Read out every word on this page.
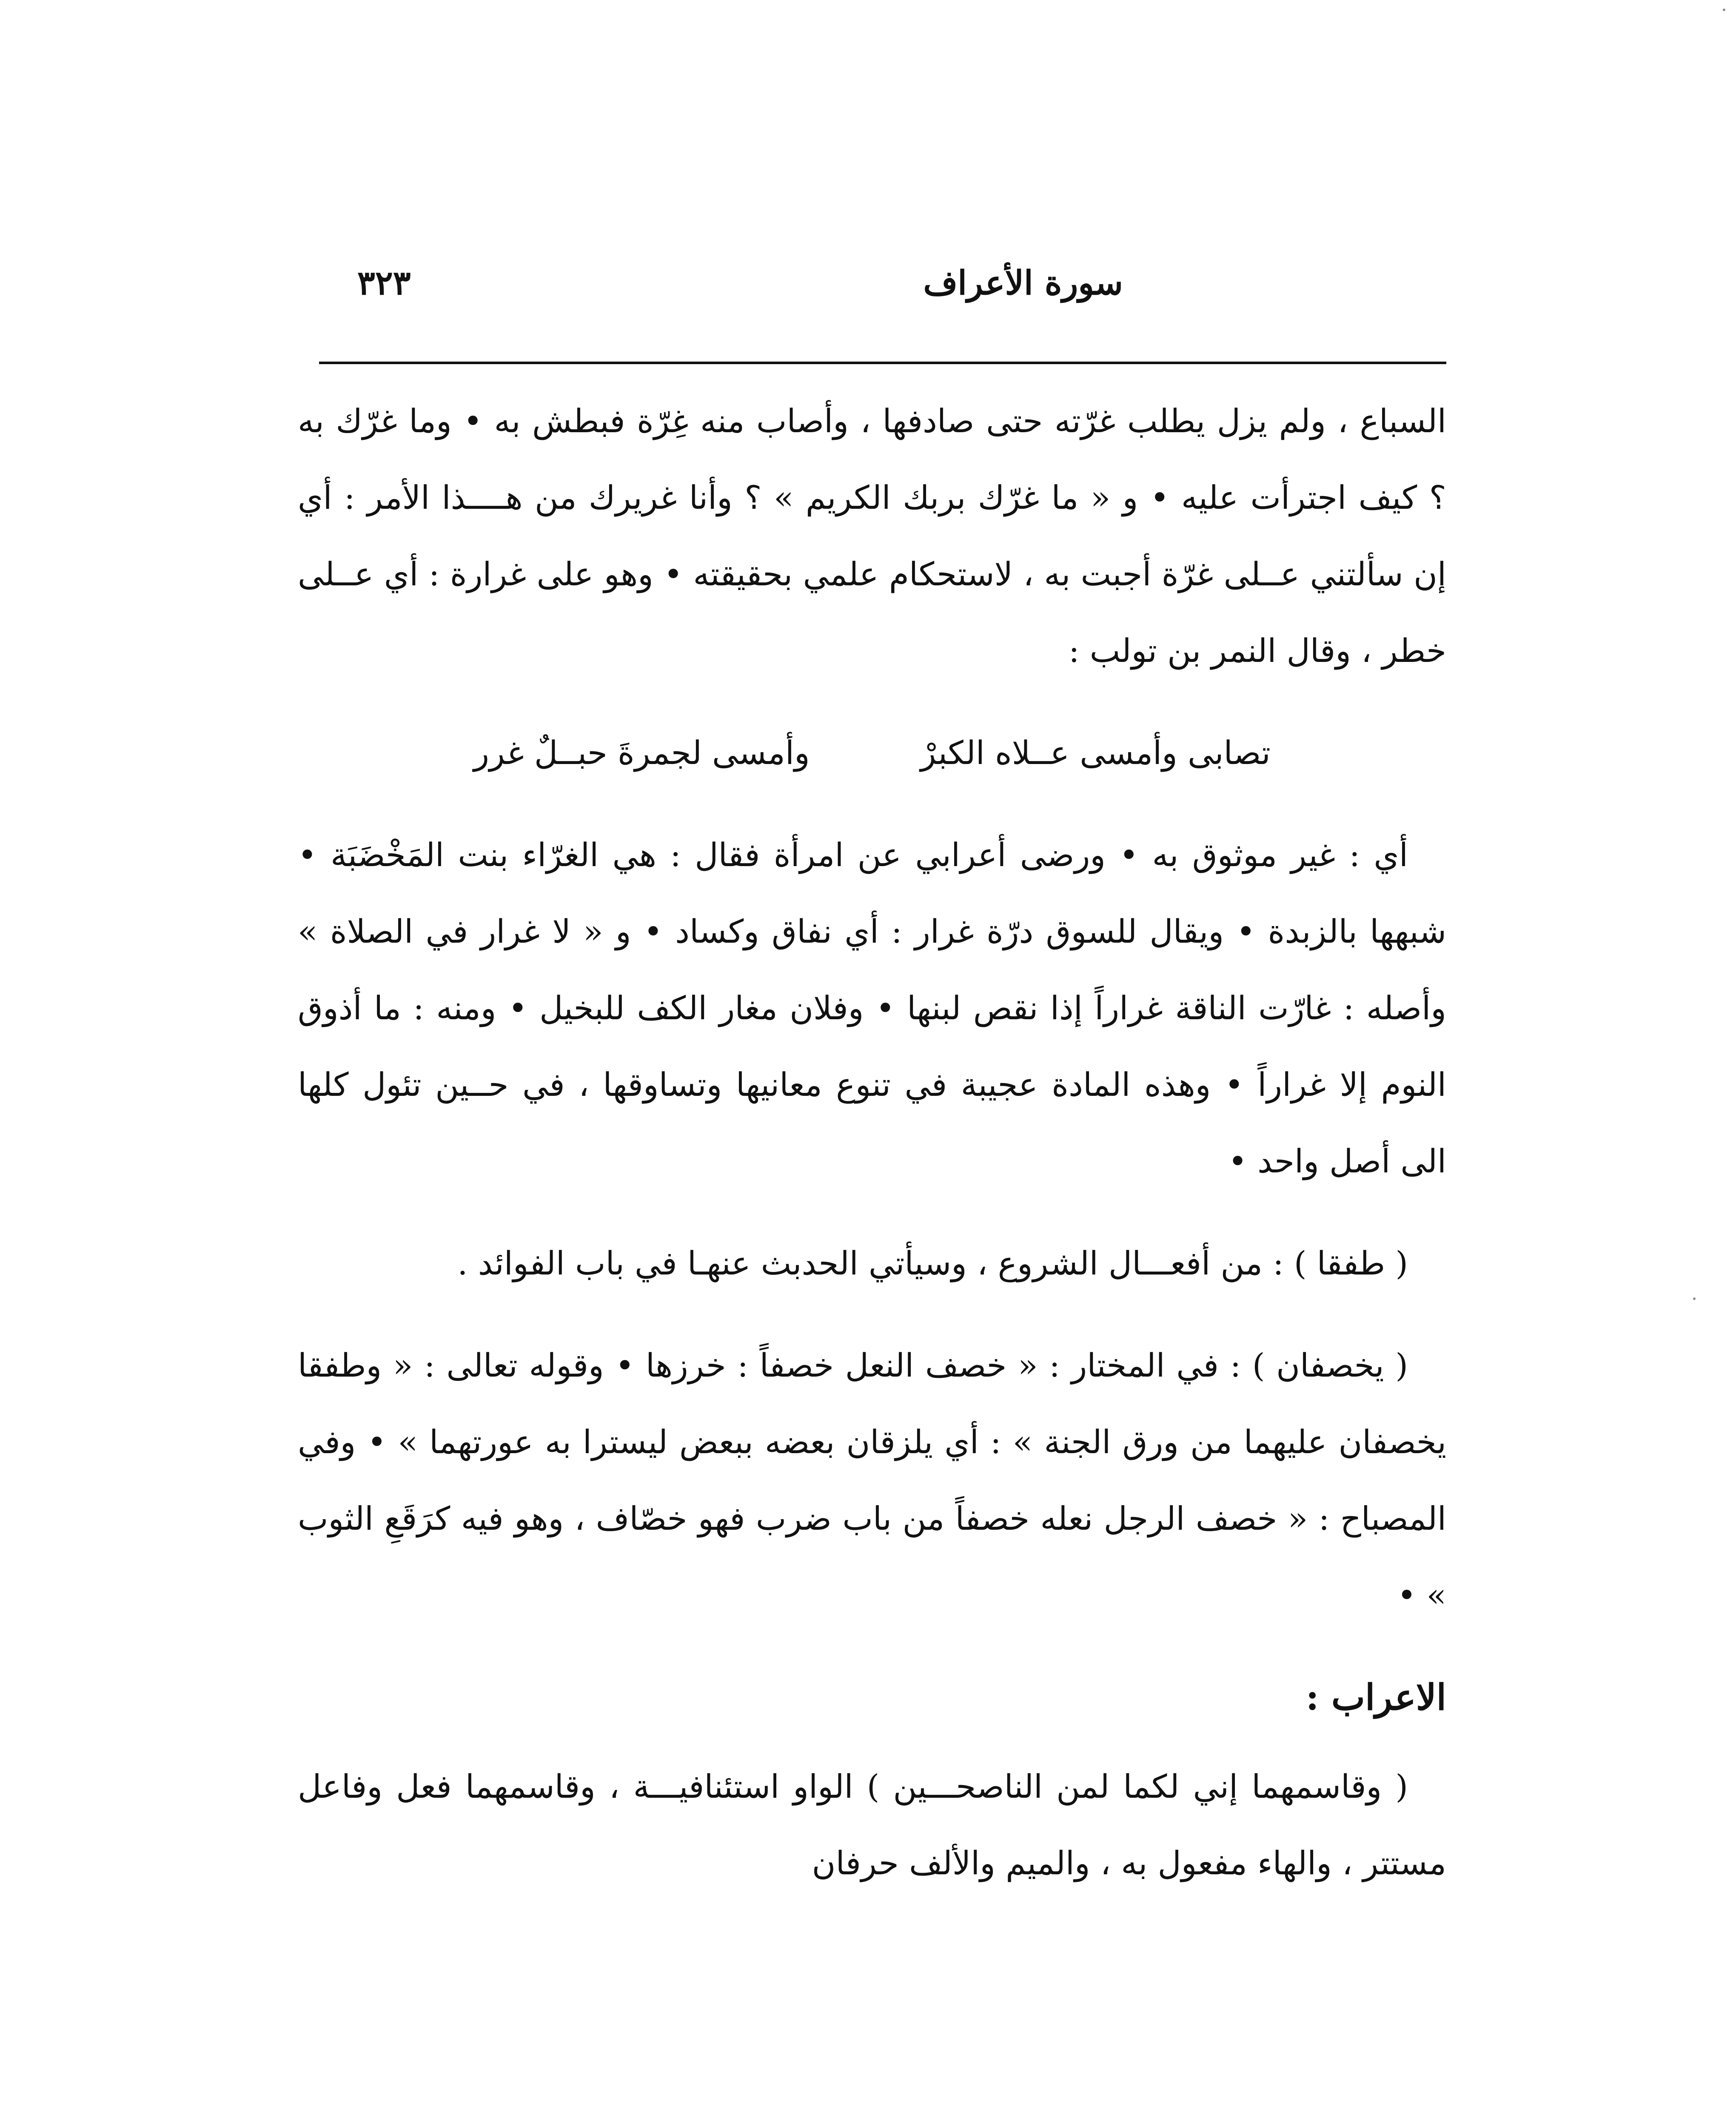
سورة الأعراف
٣٢٣

السباع ، ولم يزل يطلب غرّته حتى صادفها ، وأصاب منه غِرّة فبطش به • وما غرّك به ؟ كيف اجترأت عليه • و « ما غرّك بربك الكريم » ؟ وأنا غريرك من هــــذا الأمر : أي إن سألتني عــلى غرّة أجبت به ، لاستحكام علمي بحقيقته • وهو على غرارة : أي عــلى خطر ، وقال النمر بن تولب :

تصابى وأمسى عــلاه الكبرْ
وأمسى لجمرةَ حبــلٌ غرر

أي : غير موثوق به • ورضى أعرابي عن امرأة فقال : هي الغرّاء بنت المَخْضَبَة • شبهها بالزبدة • ويقال للسوق درّة غرار : أي نفاق وكساد • و « لا غرار في الصلاة » وأصله : غارّت الناقة غراراً إذا نقص لبنها • وفلان مغار الكف للبخيل • ومنه : ما أذوق النوم إلا غراراً • وهذه المادة عجيبة في تنوع معانيها وتساوقها ، في حــين تئول كلها الى أصل واحد •

( طفقا ) : من أفعـــال الشروع ، وسيأتي الحدبث عنهـا في باب الفوائد .

( يخصفان ) : في المختار : « خصف النعل خصفاً : خرزها • وقوله تعالى : « وطفقا يخصفان عليهما من ورق الجنة » : أي يلزقان بعضه ببعض ليسترا به عورتهما » • وفي المصباح : « خصف الرجل نعله خصفاً من باب ضرب فهو خصّاف ، وهو فيه كرَقَعِ الثوب » •

الاعراب :

( وقاسمهما إني لكما لمن الناصحـــين ) الواو استئنافيـــة ، وقاسمهما فعل وفاعل مستتر ، والهاء مفعول به ، والميم والألف حرفان
